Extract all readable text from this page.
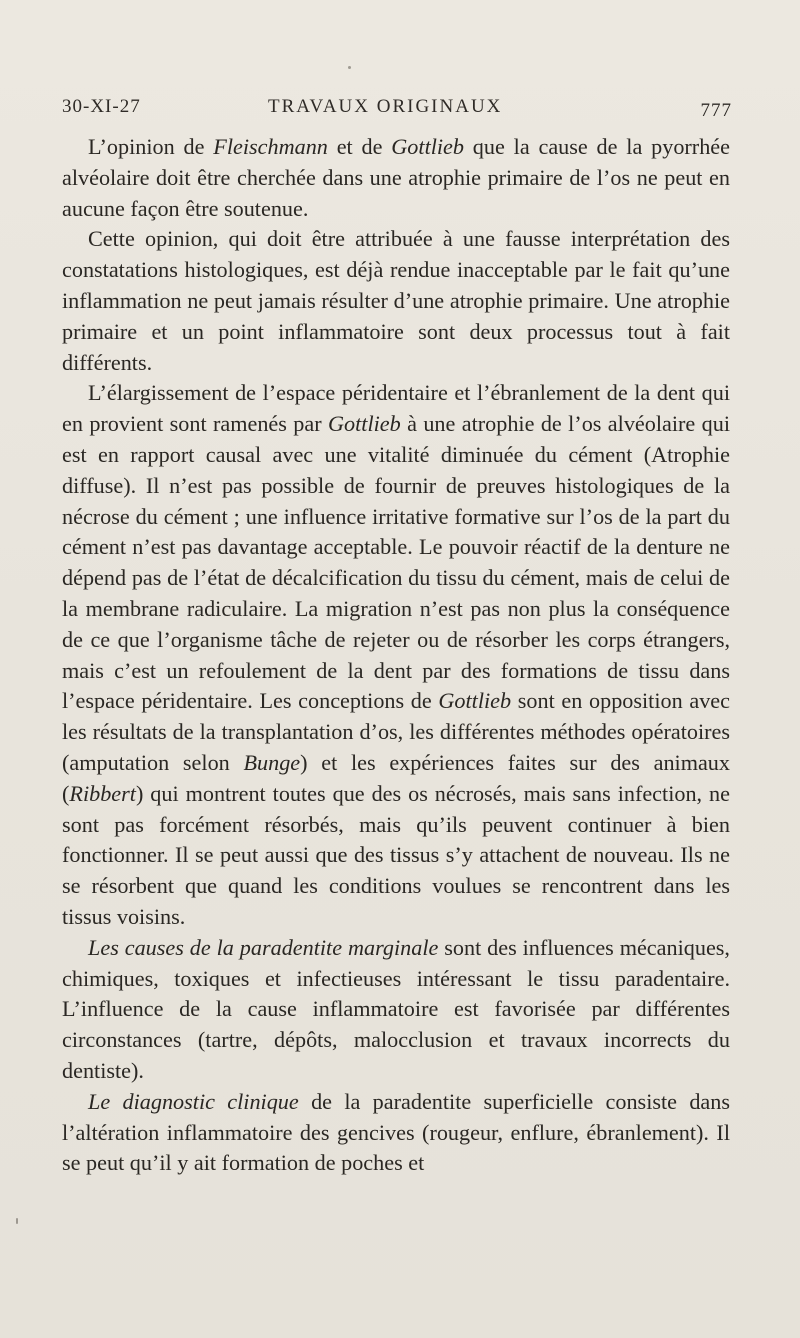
30-XI-27	TRAVAUX ORIGINAUX	777

L’opinion de Fleischmann et de Gottlieb que la cause de la pyorrhée alvéolaire doit être cherchée dans une atrophie primaire de l’os ne peut en aucune façon être soutenue.

Cette opinion, qui doit être attribuée à une fausse interprétation des constatations histologiques, est déjà rendue inacceptable par le fait qu’une inflammation ne peut jamais résulter d’une atrophie primaire. Une atrophie primaire et un point inflammatoire sont deux processus tout à fait différents.

L’élargissement de l’espace péridentaire et l’ébranlement de la dent qui en provient sont ramenés par Gottlieb à une atrophie de l’os alvéolaire qui est en rapport causal avec une vitalité diminuée du cément (Atrophie diffuse). Il n’est pas possible de fournir de preuves histologiques de la nécrose du cément ; une influence irritative formative sur l’os de la part du cément n’est pas davantage acceptable. Le pouvoir réactif de la denture ne dépend pas de l’état de décalcification du tissu du cément, mais de celui de la membrane radiculaire. La migration n’est pas non plus la conséquence de ce que l’organisme tâche de rejeter ou de résorber les corps étrangers, mais c’est un refoulement de la dent par des formations de tissu dans l’espace péridentaire. Les conceptions de Gottlieb sont en opposition avec les résultats de la transplantation d’os, les différentes méthodes opératoires (amputation selon Bunge) et les expériences faites sur des animaux (Ribbert) qui montrent toutes que des os nécrosés, mais sans infection, ne sont pas forcément résorbés, mais qu’ils peuvent continuer à bien fonctionner. Il se peut aussi que des tissus s’y attachent de nouveau. Ils ne se résorbent que quand les conditions voulues se rencontrent dans les tissus voisins.

Les causes de la paradentite marginale sont des influences mécaniques, chimiques, toxiques et infectieuses intéressant le tissu paradentaire. L’influence de la cause inflammatoire est favorisée par différentes circonstances (tartre, dépôts, malocclusion et travaux incorrects du dentiste).

Le diagnostic clinique de la paradentite superficielle consiste dans l’altération inflammatoire des gencives (rougeur, enflure, ébranlement). Il se peut qu’il y ait formation de poches et
